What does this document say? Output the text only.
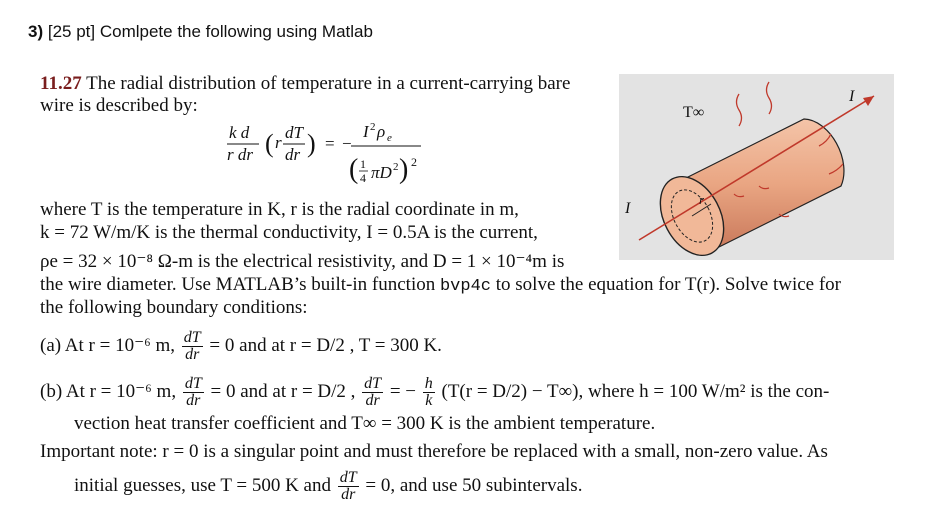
3) [25 pt] Comlpete the following using Matlab
11.27 The radial distribution of temperature in a current-carrying bare
wire is described by:
k d
r dr ( r
dT
dr ) = −
I 2 ρ e
( 1
4 πD 2 ) 2
where T is the temperature in K, r is the radial coordinate in m,
k = 72 W/m/K is the thermal conductivity, I = 0.5A is the current,
ρe = 32 × 10⁻⁸ Ω-m is the electrical resistivity, and D = 1 × 10⁻⁴m is
the wire diameter. Use MATLAB’s built-in function bvp4c to solve the equation for T(r). Solve twice for
the following boundary conditions:
(a) At r = 10⁻⁶ m, $\frac{dT}{dr} = 0$ and at r = D/2 , T = 300 K.
(b) At r = 10⁻⁶ m, $\frac{dT}{dr} = 0$ and at r = D/2 , $\frac{dT}{dr}$ = − $\frac{h}{k} (T(r = D/2) - T\infty)$, where h = 100 W/m² is the con-
vection heat transfer coefficient and T∞ = 300 K is the ambient temperature.
Important note: r = 0 is a singular point and must therefore be replaced with a small, non-zero value. As
initial guesses, use T = 500 K and $\frac{dT}{dr} = 0$, and use 50 subintervals.
T∞
I
I
r
